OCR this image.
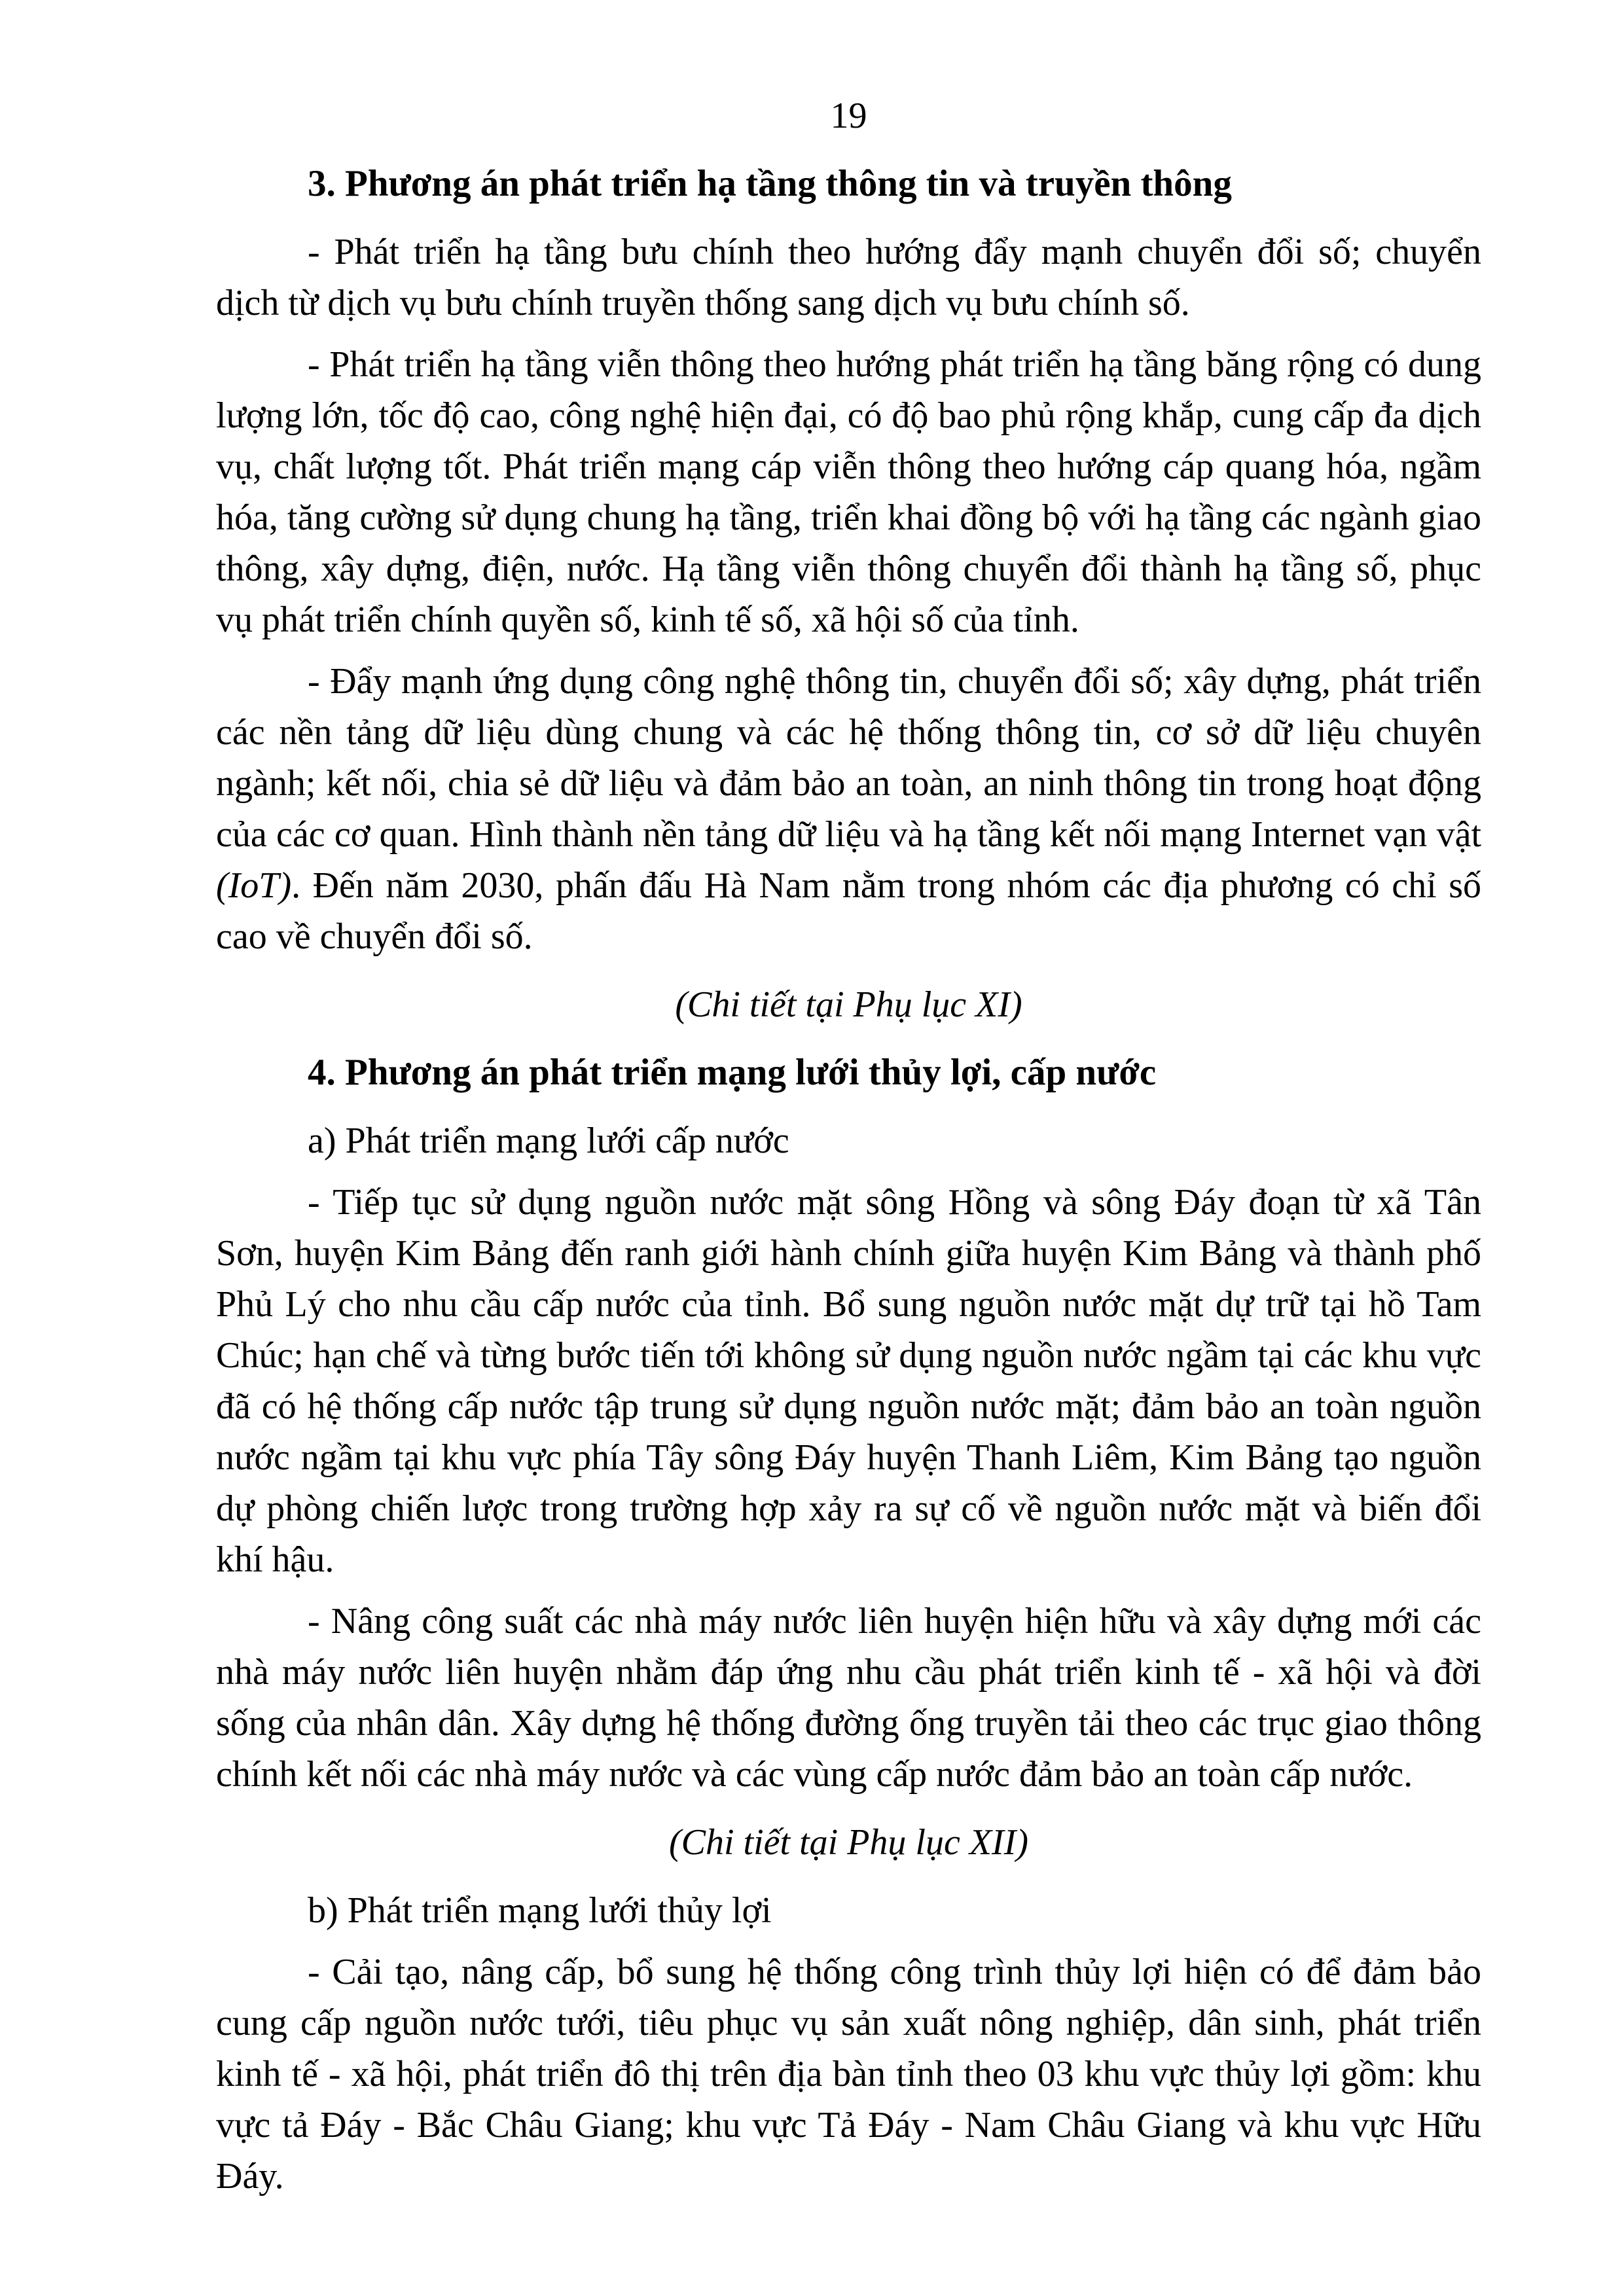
19
3. Phương án phát triển hạ tầng thông tin và truyền thông

- Phát triển hạ tầng bưu chính theo hướng đẩy mạnh chuyển đổi số; chuyển dịch từ dịch vụ bưu chính truyền thống sang dịch vụ bưu chính số.

- Phát triển hạ tầng viễn thông theo hướng phát triển hạ tầng băng rộng có dung lượng lớn, tốc độ cao, công nghệ hiện đại, có độ bao phủ rộng khắp, cung cấp đa dịch vụ, chất lượng tốt. Phát triển mạng cáp viễn thông theo hướng cáp quang hóa, ngầm hóa, tăng cường sử dụng chung hạ tầng, triển khai đồng bộ với hạ tầng các ngành giao thông, xây dựng, điện, nước. Hạ tầng viễn thông chuyển đổi thành hạ tầng số, phục vụ phát triển chính quyền số, kinh tế số, xã hội số của tỉnh.

- Đẩy mạnh ứng dụng công nghệ thông tin, chuyển đổi số; xây dựng, phát triển các nền tảng dữ liệu dùng chung và các hệ thống thông tin, cơ sở dữ liệu chuyên ngành; kết nối, chia sẻ dữ liệu và đảm bảo an toàn, an ninh thông tin trong hoạt động của các cơ quan. Hình thành nền tảng dữ liệu và hạ tầng kết nối mạng Internet vạn vật (IoT). Đến năm 2030, phấn đấu Hà Nam nằm trong nhóm các địa phương có chỉ số cao về chuyển đổi số.

(Chi tiết tại Phụ lục XI)
4. Phương án phát triển mạng lưới thủy lợi, cấp nước

a) Phát triển mạng lưới cấp nước

- Tiếp tục sử dụng nguồn nước mặt sông Hồng và sông Đáy đoạn từ xã Tân Sơn, huyện Kim Bảng đến ranh giới hành chính giữa huyện Kim Bảng và thành phố Phủ Lý cho nhu cầu cấp nước của tỉnh. Bổ sung nguồn nước mặt dự trữ tại hồ Tam Chúc; hạn chế và từng bước tiến tới không sử dụng nguồn nước ngầm tại các khu vực đã có hệ thống cấp nước tập trung sử dụng nguồn nước mặt; đảm bảo an toàn nguồn nước ngầm tại khu vực phía Tây sông Đáy huyện Thanh Liêm, Kim Bảng tạo nguồn dự phòng chiến lược trong trường hợp xảy ra sự cố về nguồn nước mặt và biến đổi khí hậu.

- Nâng công suất các nhà máy nước liên huyện hiện hữu và xây dựng mới các nhà máy nước liên huyện nhằm đáp ứng nhu cầu phát triển kinh tế - xã hội và đời sống của nhân dân. Xây dựng hệ thống đường ống truyền tải theo các trục giao thông chính kết nối các nhà máy nước và các vùng cấp nước đảm bảo an toàn cấp nước.

(Chi tiết tại Phụ lục XII)

b) Phát triển mạng lưới thủy lợi

- Cải tạo, nâng cấp, bổ sung hệ thống công trình thủy lợi hiện có để đảm bảo cung cấp nguồn nước tưới, tiêu phục vụ sản xuất nông nghiệp, dân sinh, phát triển kinh tế - xã hội, phát triển đô thị trên địa bàn tỉnh theo 03 khu vực thủy lợi gồm: khu vực tả Đáy - Bắc Châu Giang; khu vực Tả Đáy - Nam Châu Giang và khu vực Hữu Đáy.
